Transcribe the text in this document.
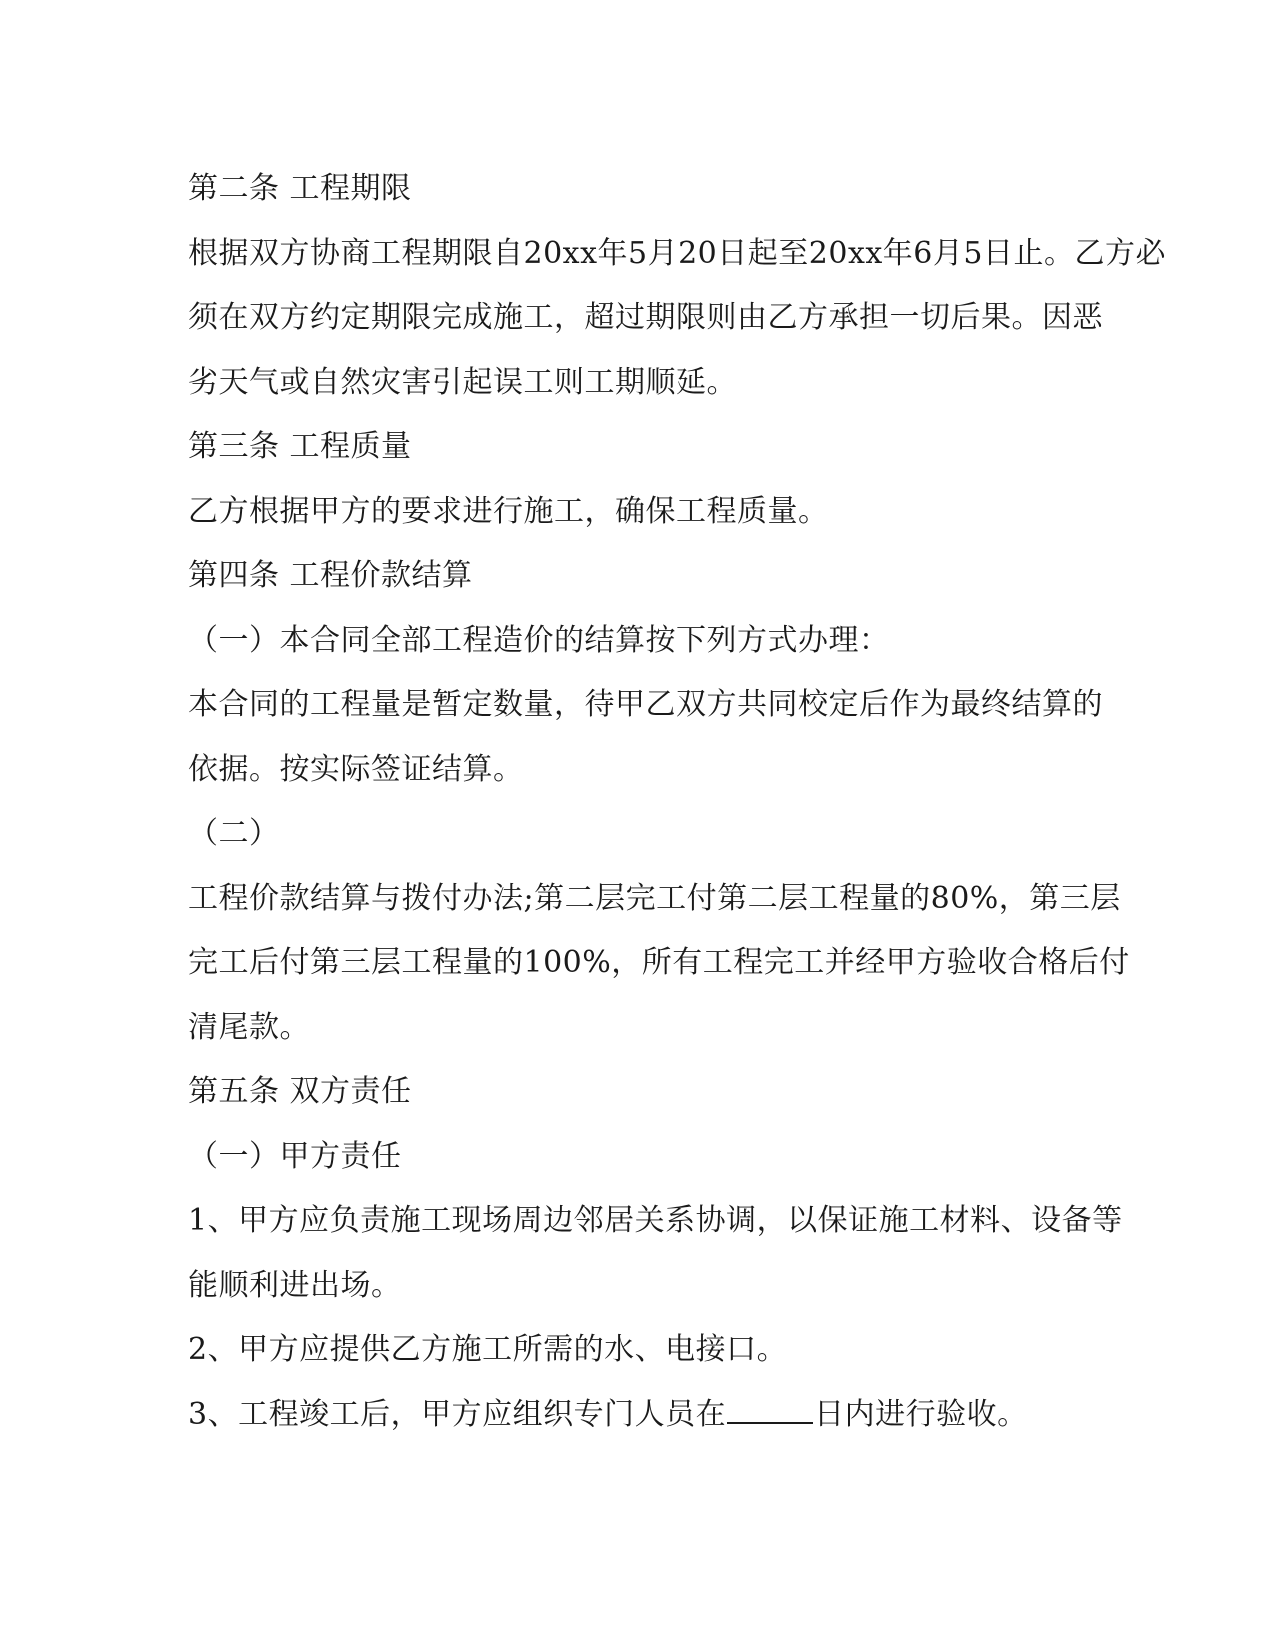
第二条 工程期限
根据双方协商工程期限自20xx年5月20日起至20xx年6月5日止。乙方必
须在双方约定期限完成施工，超过期限则由乙方承担一切后果。因恶
劣天气或自然灾害引起误工则工期顺延。
第三条 工程质量
乙方根据甲方的要求进行施工，确保工程质量。
第四条 工程价款结算
（一）本合同全部工程造价的结算按下列方式办理：
本合同的工程量是暂定数量，待甲乙双方共同校定后作为最终结算的
依据。按实际签证结算。
（二）
工程价款结算与拨付办法;第二层完工付第二层工程量的80%，第三层
完工后付第三层工程量的100%，所有工程完工并经甲方验收合格后付
清尾款。
第五条 双方责任
（一）甲方责任
1、甲方应负责施工现场周边邻居关系协调，以保证施工材料、设备等
能顺利进出场。
2、甲方应提供乙方施工所需的水、电接口。
3、工程竣工后，甲方应组织专门人员在	日内进行验收。
